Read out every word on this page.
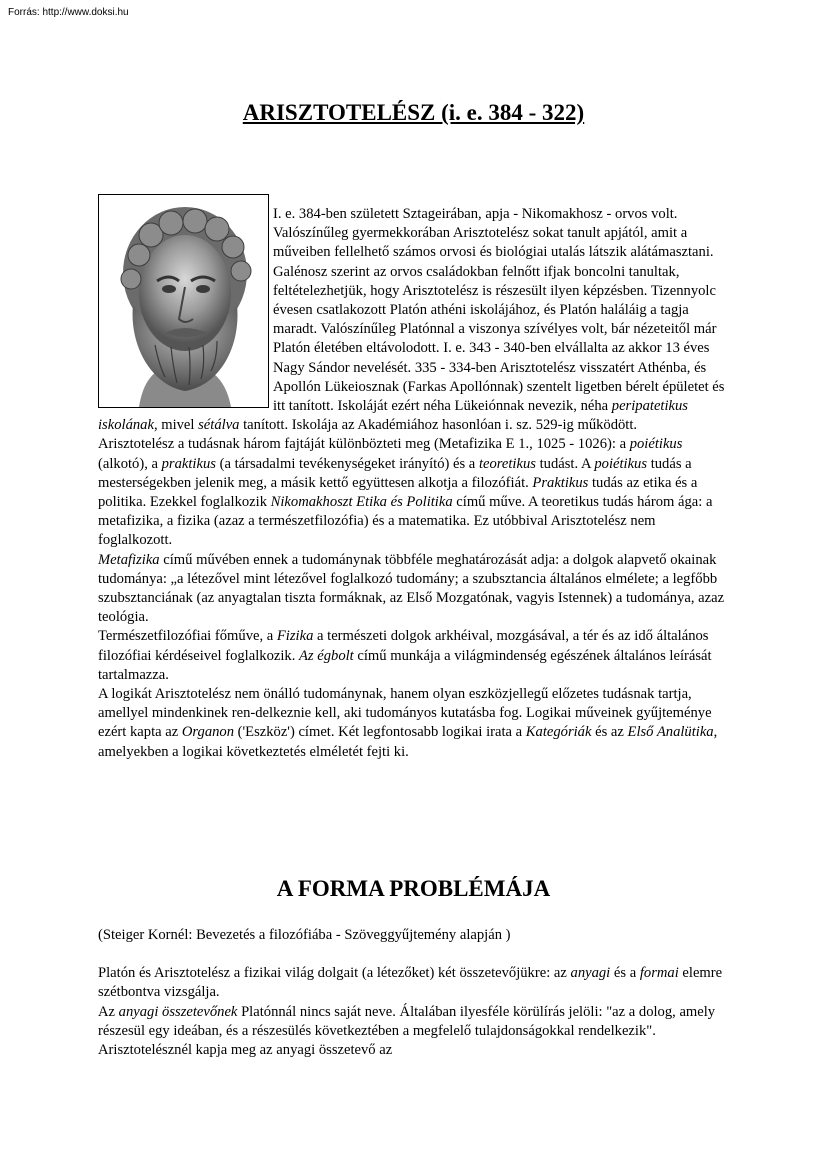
Forrás: http://www.doksi.hu
ARISZTOTELÉSZ (i. e. 384 - 322)

I. e. 384-ben született Sztageirában, apja - Nikomakhosz - orvos volt. Valószínűleg gyermekkorában Arisztotelész sokat tanult apjától, amit a műveiben fellelhető számos orvosi és biológiai utalás látszik alátámasztani. Galénosz szerint az orvos családokban felnőtt ifjak boncolni tanultak, feltételezhetjük, hogy Arisztotelész is részesült ilyen képzésben. Tizennyolc évesen csatlakozott Platón athéni iskolájához, és Platón haláláig a tagja maradt. Valószínűleg Platónnal a viszonya szívélyes volt, bár nézeteitől már Platón életében eltávolodott. I. e. 343 - 340-ben elvállalta az akkor 13 éves Nagy Sándor nevelését. 335 - 334-ben Arisztotelész visszatért Athénba, és Apollón Lükeiosznak (Farkas Apollónnak) szentelt ligetben bérelt épületet és itt tanított. Iskoláját ezért néha Lükeiónnak nevezik, néha peripatetikus iskolának, mivel sétálva tanított. Iskolája az Akadémiához hasonlóan i. sz. 529-ig működött.

Arisztotelész a tudásnak három fajtáját különbözteti meg (Metafizika E 1., 1025 - 1026): a poiétikus (alkotó), a praktikus (a társadalmi tevékenységeket irányító) és a teoretikus tudást. A poiétikus tudás a mesterségekben jelenik meg, a másik kettő együttesen alkotja a filozófiát. Praktikus tudás az etika és a politika. Ezekkel foglalkozik Nikomakhoszt Etika és Politika című műve. A teoretikus tudás három ága: a metafizika, a fizika (azaz a természetfilozófia) és a matematika. Ez utóbbival Arisztotelész nem foglalkozott.

Metafizika című művében ennek a tudománynak többféle meghatározását adja: a dolgok alapvető okainak tudománya: „a létezővel mint létezővel foglalkozó tudomány; a szubsztancia általános elmélete; a legfőbb szubsztanciának (az anyagtalan tiszta formáknak, az Első Mozgatónak, vagyis Istennek) a tudománya, azaz teológia.

Természetfilozófiai főműve, a Fizika a természeti dolgok arkhéival, mozgásával, a tér és az idő általános filozófiai kérdéseivel foglalkozik. Az égbolt című munkája a világmindenség egészének általános leírását tartalmazza.

A logikát Arisztotelész nem önálló tudománynak, hanem olyan eszközjellegű előzetes tudásnak tartja, amellyel mindenkinek ren-delkeznie kell, aki tudományos kutatásba fog. Logikai műveinek gyűjteménye ezért kapta az Organon ('Eszköz') címet. Két legfontosabb logikai irata a Kategóriák és az Első Analütika, amelyekben a logikai következtetés elméletét fejti ki.

A FORMA PROBLÉMÁJA

(Steiger Kornél: Bevezetés a filozófiába - Szöveggyűjtemény alapján )

Platón és Arisztotelész a fizikai világ dolgait (a létezőket) két összetevőjükre: az anyagi és a formai elemre szétbontva vizsgálja.

Az anyagi összetevőnek Platónnál nincs saját neve. Általában ilyesféle körülírás jelöli: "az a dolog, amely részesül egy ideában, és a részesülés következtében a megfelelő tulajdonságokkal rendelkezik". Arisztotelésznél kapja meg az anyagi összetevő az
